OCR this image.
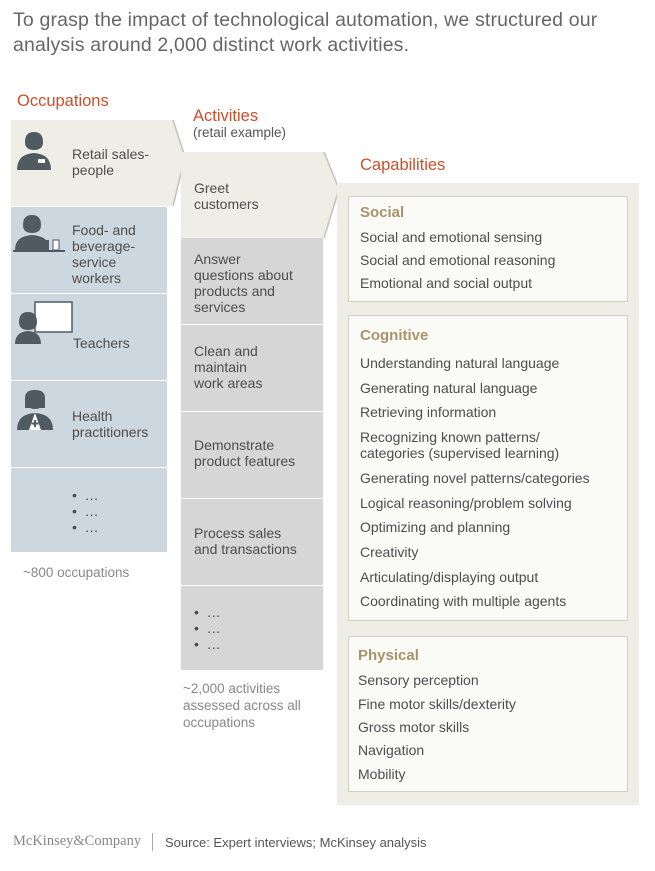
To grasp the impact of technological automation, we structured our analysis around 2,000 distinct work activities.
Occupations
Retail sales-
people
Food- and
beverage-
service
workers
Teachers
Health
practitioners
•  …
•  …
•  …
~800 occupations
Activities
(retail example)
Greet
customers
Answer
questions about
products and
services
Clean and
maintain
work areas
Demonstrate
product features
Process sales
and transactions
•  …
•  …
•  …
~2,000 activities
assessed across all
occupations
Capabilities
Social
Social and emotional sensing
Social and emotional reasoning
Emotional and social output
Cognitive
Understanding natural language
Generating natural language
Retrieving information
Recognizing known patterns/
categories (supervised learning)
Generating novel patterns/categories
Logical reasoning/problem solving
Optimizing and planning
Creativity
Articulating/displaying output
Coordinating with multiple agents
Physical
Sensory perception
Fine motor skills/dexterity
Gross motor skills
Navigation
Mobility
McKinsey&Company Source: Expert interviews; McKinsey analysis
